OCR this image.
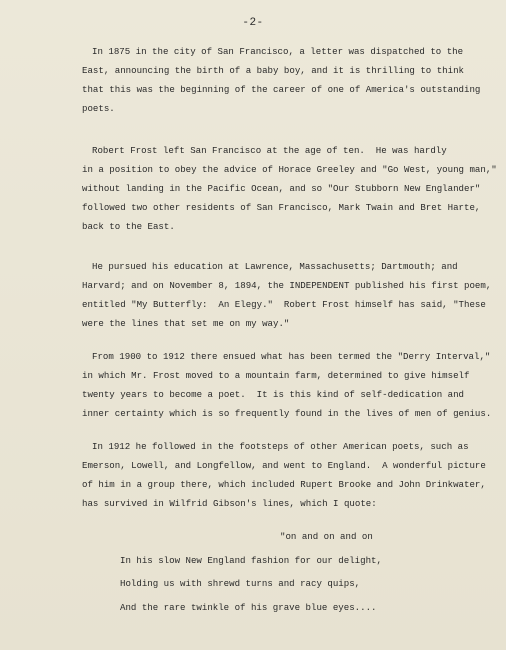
-2-
In 1875 in the city of San Francisco, a letter was dispatched to the
East, announcing the birth of a baby boy, and it is thrilling to think
that this was the beginning of the career of one of America's outstanding
poets.
Robert Frost left San Francisco at the age of ten.  He was hardly
in a position to obey the advice of Horace Greeley and "Go West, young man,"
without landing in the Pacific Ocean, and so "Our Stubborn New Englander"
followed two other residents of San Francisco, Mark Twain and Bret Harte,
back to the East.
He pursued his education at Lawrence, Massachusetts; Dartmouth; and
Harvard; and on November 8, 1894, the INDEPENDENT published his first poem,
entitled "My Butterfly:  An Elegy."  Robert Frost himself has said, "These
were the lines that set me on my way."
From 1900 to 1912 there ensued what has been termed the "Derry Interval,"
in which Mr. Frost moved to a mountain farm, determined to give himself
twenty years to become a poet.  It is this kind of self-dedication and
inner certainty which is so frequently found in the lives of men of genius.
In 1912 he followed in the footsteps of other American poets, such as
Emerson, Lowell, and Longfellow, and went to England.  A wonderful picture
of him in a group there, which included Rupert Brooke and John Drinkwater,
has survived in Wilfrid Gibson's lines, which I quote:
"on and on and on
In his slow New England fashion for our delight,
Holding us with shrewd turns and racy quips,
And the rare twinkle of his grave blue eyes....
